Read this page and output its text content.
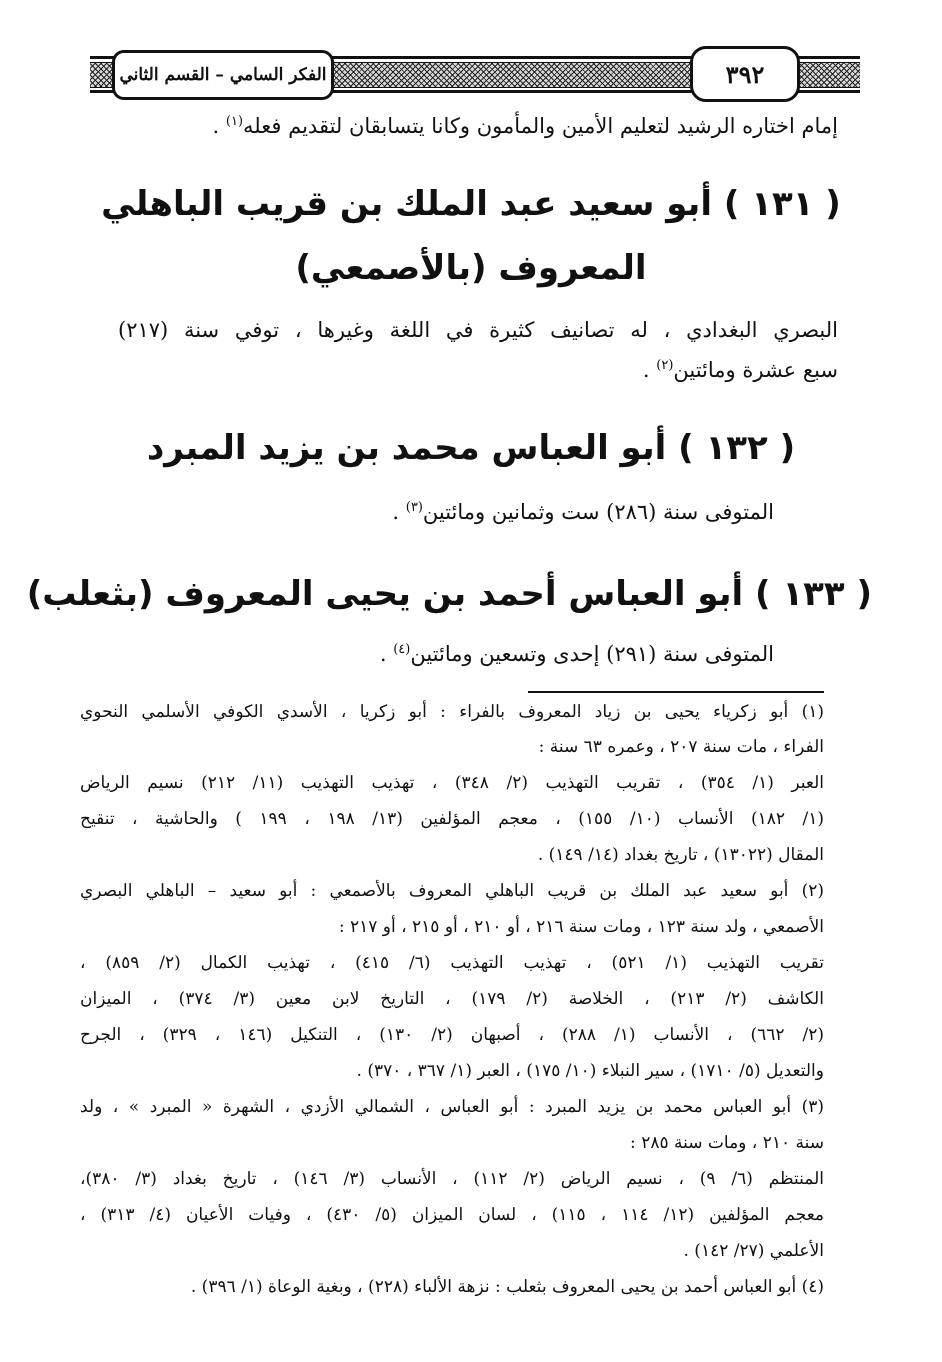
الفكر السامي – القسم الثاني	٣٩٢
إمام اختاره الرشيد لتعليم الأمين والمأمون وكانا يتسابقان لتقديم فعله$^{(١)}$ .
( ١٣١ ) أبو سعيد عبد الملك بن قريب الباهلي
المعروف (بالأصمعي)
البصري البغدادي ، له تصانيف كثيرة في اللغة وغيرها ، توفي سنة (٢١٧)
سبع عشرة ومائتين$^{(٢)}$ .
( ١٣٢ ) أبو العباس محمد بن يزيد المبرد
المتوفى سنة (٢٨٦) ست وثمانين ومائتين$^{(٣)}$ .
( ١٣٣ ) أبو العباس أحمد بن يحيى المعروف (بثعلب)
المتوفى سنة (٢٩١) إحدى وتسعين ومائتين$^{(٤)}$ .
(١) أبو زكرياء يحيى بن زياد المعروف بالفراء : أبو زكريا ، الأسدي الكوفي الأسلمي النحوي
الفراء ، مات سنة ٢٠٧ ، وعمره ٦٣ سنة :
العبر (١/ ٣٥٤) ، تقريب التهذيب (٢/ ٣٤٨) ، تهذيب التهذيب (١١/ ٢١٢) نسيم الرياض
(١/ ١٨٢) الأنساب (١٠/ ١٥٥) ، معجم المؤلفين (١٣/ ١٩٨ ، ١٩٩ ) والحاشية ، تنقيح
المقال (١٣٠٢٢) ، تاريخ بغداد (١٤/ ١٤٩) .
(٢) أبو سعيد عبد الملك بن قريب الباهلي المعروف بالأصمعي : أبو سعيد – الباهلي البصري
الأصمعي ، ولد سنة ١٢٣ ، ومات سنة ٢١٦ ، أو ٢١٠ ، أو ٢١٥ ، أو ٢١٧ :
تقريب التهذيب (١/ ٥٢١) ، تهذيب التهذيب (٦/ ٤١٥) ، تهذيب الكمال (٢/ ٨٥٩) ،
الكاشف (٢/ ٢١٣) ، الخلاصة (٢/ ١٧٩) ، التاريخ لابن معين (٣/ ٣٧٤) ، الميزان
(٢/ ٦٦٢) ، الأنساب (١/ ٢٨٨) ، أصبهان (٢/ ١٣٠) ، التنكيل (١٤٦ ، ٣٢٩) ، الجرح
والتعديل (٥/ ١٧١٠) ، سير النبلاء (١٠/ ١٧٥) ، العبر (١/ ٣٦٧ ، ٣٧٠) .
(٣) أبو العباس محمد بن يزيد المبرد : أبو العباس ، الشمالي الأزدي ، الشهرة « المبرد » ، ولد
سنة ٢١٠ ، ومات سنة ٢٨٥ :
المنتظم (٦/ ٩) ، نسيم الرياض (٢/ ١١٢) ، الأنساب (٣/ ١٤٦) ، تاريخ بغداد (٣/ ٣٨٠)،
معجم المؤلفين (١٢/ ١١٤ ، ١١٥) ، لسان الميزان (٥/ ٤٣٠) ، وفيات الأعيان (٤/ ٣١٣) ،
الأعلمي (٢٧/ ١٤٢) .
(٤) أبو العباس أحمد بن يحيى المعروف بثعلب : نزهة الألباء (٢٢٨) ، وبغية الوعاة (١/ ٣٩٦) .
